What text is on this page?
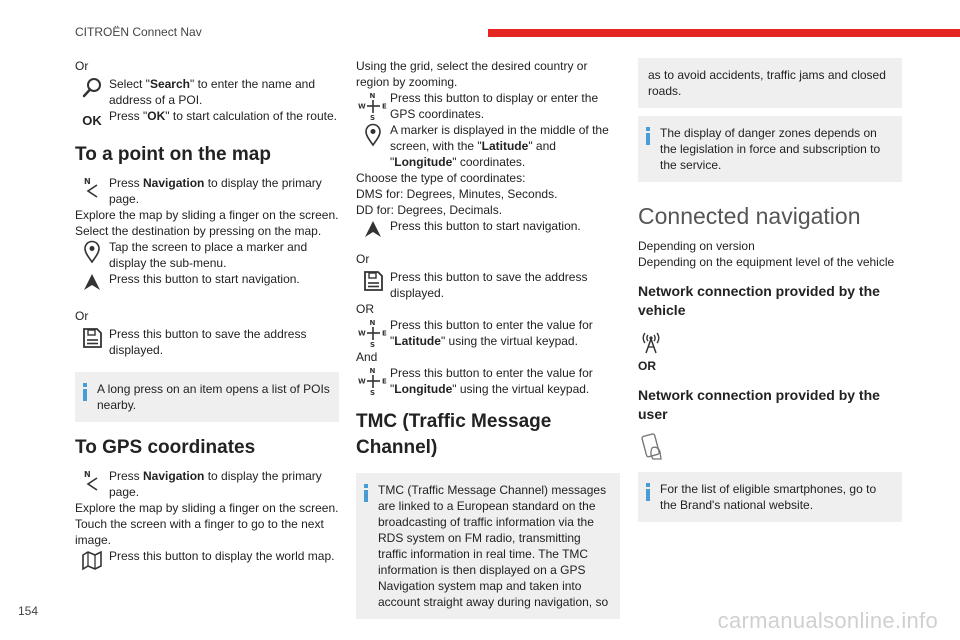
CITROËN Connect Nav

Or

Select "Search" to enter the name and address of a POI.
OK Press "OK" to start calculation of the route.
To a point on the map
N Press Navigation to display the primary page.

Explore the map by sliding a finger on the screen.

Select the destination by pressing on the map.

Tap the screen to place a marker and display the sub-menu.
Press this button to start navigation.

Or

Press this button to save the address displayed.
A long press on an item opens a list of POIs nearby.
To GPS coordinates
N Press Navigation to display the primary page.

Explore the map by sliding a finger on the screen.

Touch the screen with a finger to go to the next image.

Press this button to display the world map.

Using the grid, select the desired country or region by zooming.

N
W E
S
Press this button to display or enter the GPS coordinates.
A marker is displayed in the middle of the screen, with the "Latitude" and "Longitude" coordinates.

Choose the type of coordinates:

DMS for: Degrees, Minutes, Seconds.

DD for: Degrees, Decimals.

Press this button to start navigation.

Or

Press this button to save the address displayed.

OR

N
W E
S
Press this button to enter the value for "Latitude" using the virtual keypad.

And

N
W E
S
Press this button to enter the value for "Longitude" using the virtual keypad.
TMC (Traffic Message Channel)
TMC (Traffic Message Channel) messages are linked to a European standard on the broadcasting of traffic information via the RDS system on FM radio, transmitting traffic information in real time. The TMC information is then displayed on a GPS Navigation system map and taken into account straight away during navigation, so
as to avoid accidents, traffic jams and closed roads.
The display of danger zones depends on the legislation in force and subscription to the service.
Connected navigation

Depending on version

Depending on the equipment level of the vehicle

Network connection provided by the vehicle

OR

Network connection provided by the user
For the list of eligible smartphones, go to the Brand's national website.
154	carmanualsonline.info
